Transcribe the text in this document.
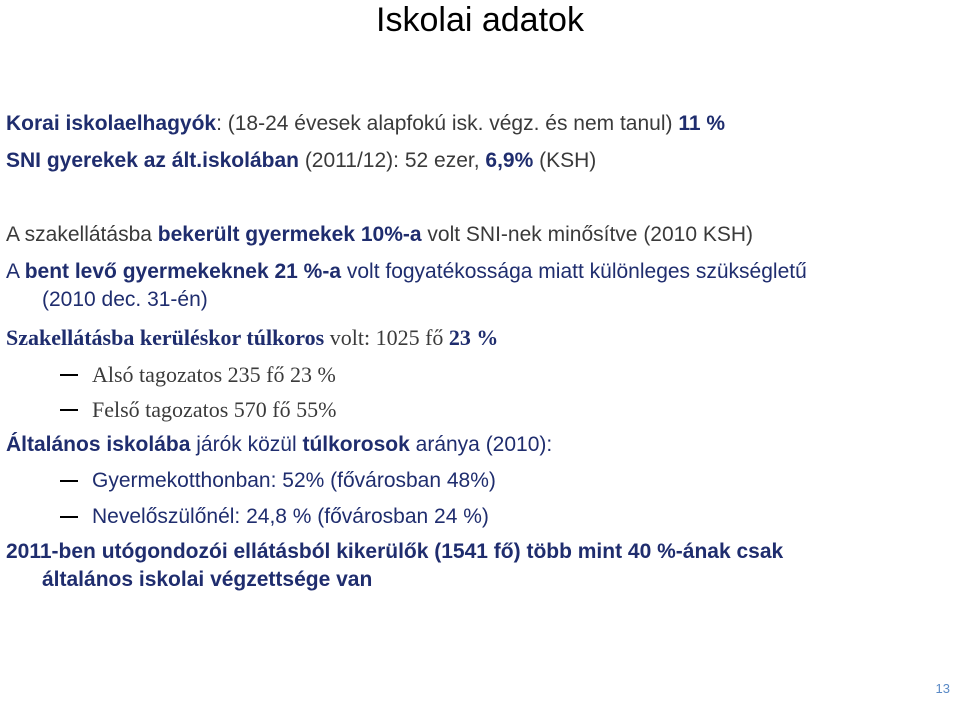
Iskolai adatok
Korai iskolaelhagyók: (18-24 évesek alapfokú isk. végz. és nem tanul) 11 %
SNI gyerekek az ált.iskolában (2011/12): 52 ezer, 6,9% (KSH)
A szakellátásba bekerült gyermekek 10%-a volt SNI-nek minősítve (2010 KSH)
A bent levő gyermekeknek 21 %-a volt fogyatékossága miatt különleges szükségletű
(2010 dec. 31-én)
Szakellátásba kerüléskor túlkoros volt: 1025 fő 23 %
Alsó tagozatos 235 fő 23 %
Felső tagozatos 570 fő 55%
Általános iskolába járók közül túlkorosok aránya (2010):
Gyermekotthonban: 52% (fővárosban 48%)
Nevelőszülőnél: 24,8 % (fővárosban 24 %)
2011-ben utógondozói ellátásból kikerülők (1541 fő) több mint 40 %-ának csak
általános iskolai végzettsége van
13
